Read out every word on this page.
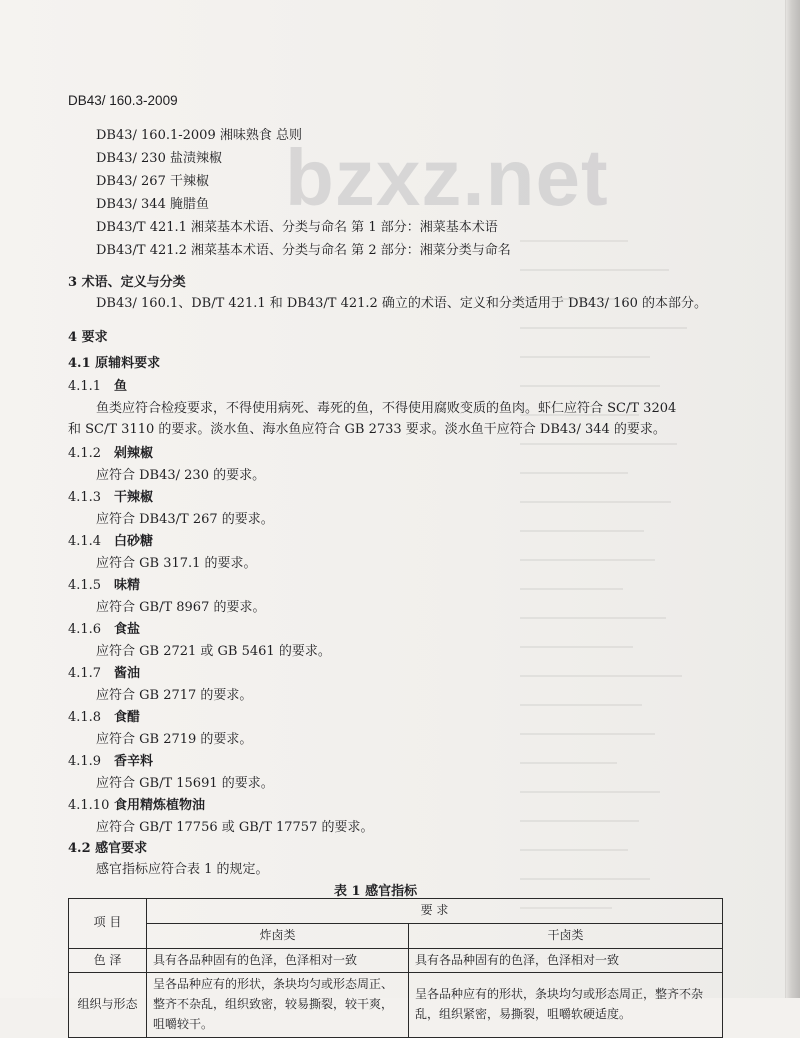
DB43/ 160.3-2009
bzxz.net
DB43/ 160.1-2009 湘味熟食 总则
DB43/ 230 盐渍辣椒
DB43/ 267 干辣椒
DB43/ 344 腌腊鱼
DB43/T 421.1 湘菜基本术语、分类与命名 第 1 部分：湘菜基本术语
DB43/T 421.2 湘菜基本术语、分类与命名 第 2 部分：湘菜分类与命名
3 术语、定义与分类
DB43/ 160.1、DB/T 421.1 和 DB43/T 421.2 确立的术语、定义和分类适用于 DB43/ 160 的本部分。
4 要求
4.1 原辅料要求
4.1.1 鱼
鱼类应符合检疫要求，不得使用病死、毒死的鱼，不得使用腐败变质的鱼肉。虾仁应符合 SC/T 3204
和 SC/T 3110 的要求。淡水鱼、海水鱼应符合 GB 2733 要求。淡水鱼干应符合 DB43/ 344 的要求。
4.1.2 剁辣椒
应符合 DB43/ 230 的要求。
4.1.3 干辣椒
应符合 DB43/T 267 的要求。
4.1.4 白砂糖
应符合 GB 317.1 的要求。
4.1.5 味精
应符合 GB/T 8967 的要求。
4.1.6 食盐
应符合 GB 2721 或 GB 5461 的要求。
4.1.7 酱油
应符合 GB 2717 的要求。
4.1.8 食醋
应符合 GB 2719 的要求。
4.1.9 香辛料
应符合 GB/T 15691 的要求。
4.1.10 食用精炼植物油
应符合 GB/T 17756 或 GB/T 17757 的要求。
4.2 感官要求
表 1 感官指标
项 目	要 求	
	炸卤类	干卤类
色 泽	具有各品种固有的色泽，色泽相对一致	具有各品种固有的色泽，色泽相对一致
组织与形态	呈各品种应有的形状，条块均匀或形态周正、整齐不杂乱，组织致密，较易撕裂，较干爽，咀嚼较干。	呈各品种应有的形状，条块均匀或形态周正，整齐不杂乱，组织紧密，易撕裂，咀嚼软硬适度。
感官指标应符合表 1 的规定。
